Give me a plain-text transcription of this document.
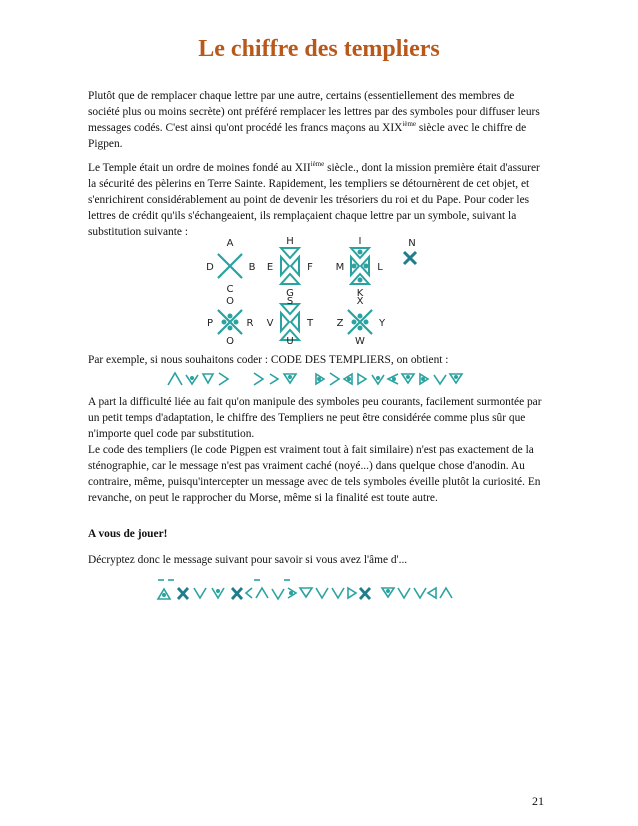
Le chiffre des templiers

Plutôt que de remplacer chaque lettre par une autre, certains (essentiellement des membres de société plus ou moins secrète) ont préféré remplacer les lettres par des symboles pour diffuser leurs messages codés. C'est ainsi qu'ont procédé les francs maçons au XIXième siècle avec le chiffre de Pigpen.

Le Temple était un ordre de moines fondé au XIIième siècle., dont la mission première était d'assurer la sécurité des pèlerins en Terre Sainte. Rapidement, les templiers se détournèrent de cet objet, et s'enrichirent considérablement au point de devenir les trésoriers du roi et du Pape. Pour coder les lettres de crédit qu'ils s'échangeaient, ils remplaçaient chaque lettre par un symbole, suivant la substitution suivante :

A
B
C
D
H
F
G
E
I
L
K
M
N
O
R
Q
P
S
T
U
V
X
Y
W
Z

Par exemple, si nous souhaitons coder : CODE DES TEMPLIERS, on obtient :

A part la difficulté liée au fait qu'on manipule des symboles peu courants, facilement surmontée par un petit temps d'adaptation, le chiffre des Templiers ne peut être considérée comme plus sûr que n'importe quel code par substitution.

Le code des templiers (le code Pigpen est vraiment tout à fait similaire) n'est pas exactement de la sténographie, car le message n'est pas vraiment caché (noyé...) dans quelque chose d'anodin. Au contraire, même, puisqu'intercepter un message avec de tels symboles éveille plutôt la curiosité. En revanche, on peut le rapprocher du Morse, même si la finalité est toute autre.

A vous de jouer!

Décryptez donc le message suivant pour savoir si vous avez l'âme d'...

21
